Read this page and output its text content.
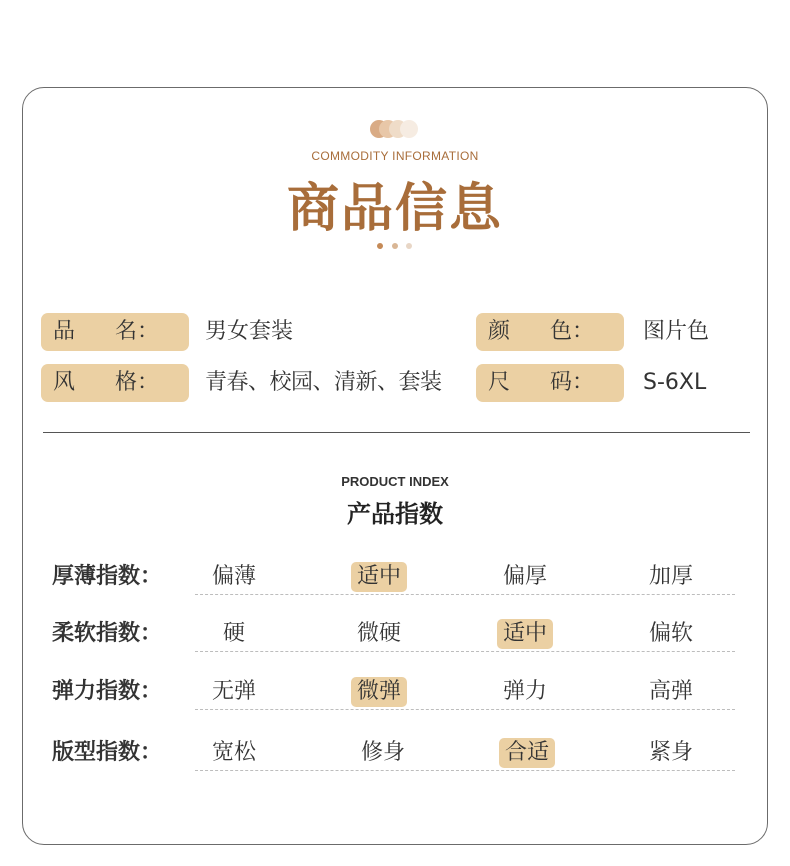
COMMODITY INFORMATION
商品信息
品 名： 男女套装	颜 色： 图片色
风 格： 青春、校园、清新、套装 尺 码： S-6XL
PRODUCT INDEX
产品指数
厚薄指数： 偏薄	适中	偏厚	加厚
柔软指数：	硬	微硬	适中	偏软
弹力指数： 无弹	微弹	弹力	高弹
版型指数： 宽松	修身	合适	紧身
